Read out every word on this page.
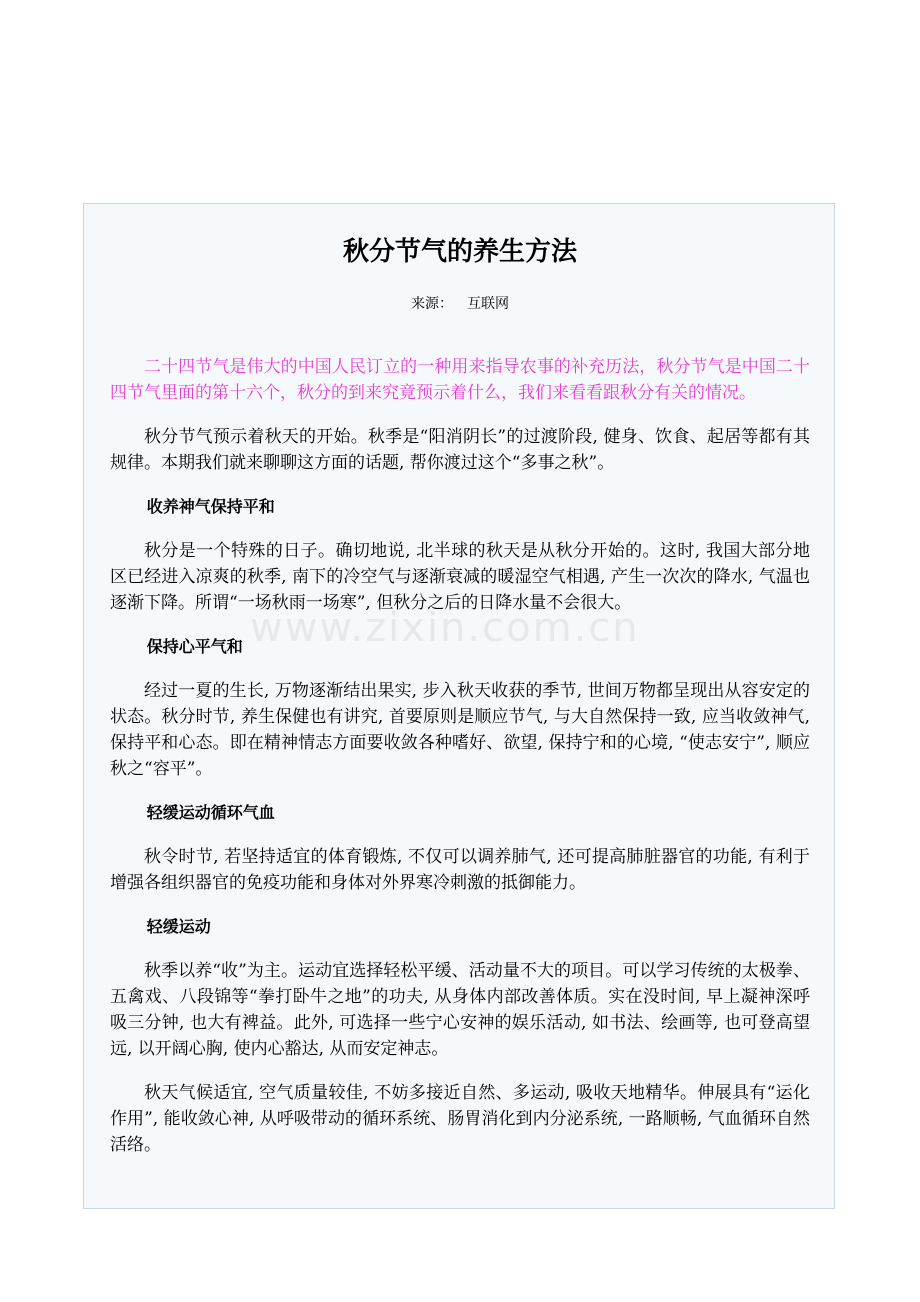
秋分节气的养生方法
来源： 互联网

二十四节气是伟大的中国人民订立的一种用来指导农事的补充历法，秋分节气是中国二十四节气里面的第十六个，秋分的到来究竟预示着什么，我们来看看跟秋分有关的情况。

秋分节气预示着秋天的开始。秋季是“阳消阴长”的过渡阶段, 健身、饮食、起居等都有其规律。本期我们就来聊聊这方面的话题, 帮你渡过这个“多事之秋”。

收养神气保持平和

秋分是一个特殊的日子。确切地说, 北半球的秋天是从秋分开始的。这时, 我国大部分地区已经进入凉爽的秋季, 南下的冷空气与逐渐衰减的暖湿空气相遇, 产生一次次的降水, 气温也逐渐下降。所谓“一场秋雨一场寒”, 但秋分之后的日降水量不会很大。

保持心平气和

经过一夏的生长, 万物逐渐结出果实, 步入秋天收获的季节, 世间万物都呈现出从容安定的状态。秋分时节, 养生保健也有讲究, 首要原则是顺应节气, 与大自然保持一致, 应当收敛神气, 保持平和心态。即在精神情志方面要收敛各种嗜好、欲望, 保持宁和的心境, “使志安宁”, 顺应秋之“容平”。

轻缓运动循环气血

秋令时节, 若坚持适宜的体育锻炼, 不仅可以调养肺气, 还可提高肺脏器官的功能, 有利于增强各组织器官的免疫功能和身体对外界寒冷刺激的抵御能力。

轻缓运动

秋季以养“收”为主。运动宜选择轻松平缓、活动量不大的项目。可以学习传统的太极拳、五禽戏、八段锦等“拳打卧牛之地”的功夫, 从身体内部改善体质。实在没时间, 早上凝神深呼吸三分钟, 也大有裨益。此外, 可选择一些宁心安神的娱乐活动, 如书法、绘画等, 也可登高望远, 以开阔心胸, 使内心豁达, 从而安定神志。

秋天气候适宜, 空气质量较佳, 不妨多接近自然、多运动, 吸收天地精华。伸展具有“运化作用”, 能收敛心神, 从呼吸带动的循环系统、肠胃消化到内分泌系统, 一路顺畅, 气血循环自然活络。
